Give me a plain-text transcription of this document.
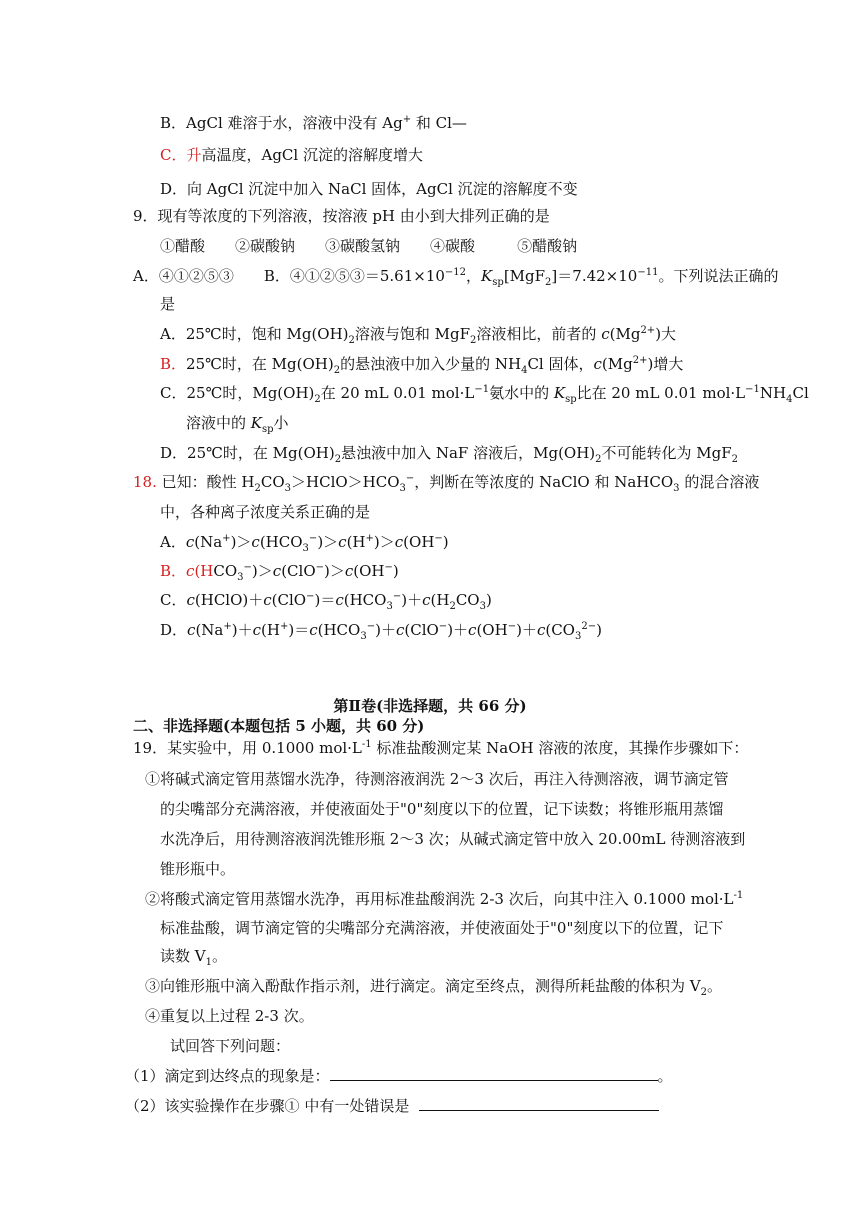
B．AgCl 难溶于水，溶液中没有 Ag+ 和 Cl—
C．升高温度，AgCl 沉淀的溶解度增大
D．向 AgCl 沉淀中加入 NaCl 固体，AgCl 沉淀的溶解度不变
9．现有等浓度的下列溶液，按溶液 pH 由小到大排列正确的是
①醋酸 ②碳酸钠 ③碳酸氢钠 ④碳酸	⑤醋酸钠
A．④①②⑤③ B．$④①②⑤③=5.61\times 10^{-12}$，$K_{sp}[MgF_2]=7.42\times 10^{-11}$。下列说法正确的
是
A．25℃时，饱和 $Mg(OH)_2$溶液与饱和 MgF$_2$溶液相比，前者的 $c(Mg^{2+})$大
B．25℃时，在 $Mg(OH)_2$的悬浊液中加入少量的 $NH_4Cl$ 固体，$c(Mg^{2+})$增大
C．25℃时，$Mg(OH)_2$在 20 mL 0.01 $mol\cdot L^{-1}$氨水中的 $K_{sp}$比在 20 mL 0.01 $mol\cdot L^{-1}NH_4Cl$
溶液中的 $K_{sp}$小
D．25℃时，在 $Mg(OH)_2$悬浊液中加入 NaF 溶液后，$Mg(OH)_2$不可能转化为 MgF$_2$
18. 已知：酸性 $H_2CO_3>HClO>HCO_3^-$，判断在等浓度的 NaClO 和 NaHCO$_3$ 的混合溶液
中，各种离子浓度关系正确的是
A．$c(Na^+)>c(HCO_3^-)>c(H^+)>c(OH^-)$
B．$c(HCO_3^-)>c(ClO^-)>c(OH^-)$
C．$c(HClO)+c(ClO^-)=c(HCO_3^-)+c(H_2CO_3)$
D．$c(Na^+)+c(H^+)=c(HCO_3^-)+c(ClO^-)+c(OH^-)+c(CO_3^{2-})$
第Ⅱ卷(非选择题，共 66 分)
二、非选择题(本题包括 5 小题，共 60 分)
19．某实验中，用 0.1000 $mol\cdot L^{-1}$ 标准盐酸测定某 NaOH 溶液的浓度，其操作步骤如下：
①将碱式滴定管用蒸馏水洗净，待测溶液润洗 2～3 次后，再注入待测溶液，调节滴定管
的尖嘴部分充满溶液，并使液面处于"0"刻度以下的位置，记下读数；将锥形瓶用蒸馏
水洗净后，用待测溶液润洗锥形瓶 2～3 次；从碱式滴定管中放入 20.00mL 待测溶液到
锥形瓶中。
②将酸式滴定管用蒸馏水洗净，再用标准盐酸润洗 2-3 次后，向其中注入 0.1000 $mol\cdot L^{-1}$
标准盐酸，调节滴定管的尖嘴部分充满溶液，并使液面处于"0"刻度以下的位置，记下
读数 $V_1$。
③向锥形瓶中滴入酚酞作指示剂，进行滴定。滴定至终点，测得所耗盐酸的体积为 $V_2$。
④重复以上过程 2-3 次。
试回答下列问题：
（1）滴定到达终点的现象是：	。
（2）该实验操作在步骤① 中有一处错误是
